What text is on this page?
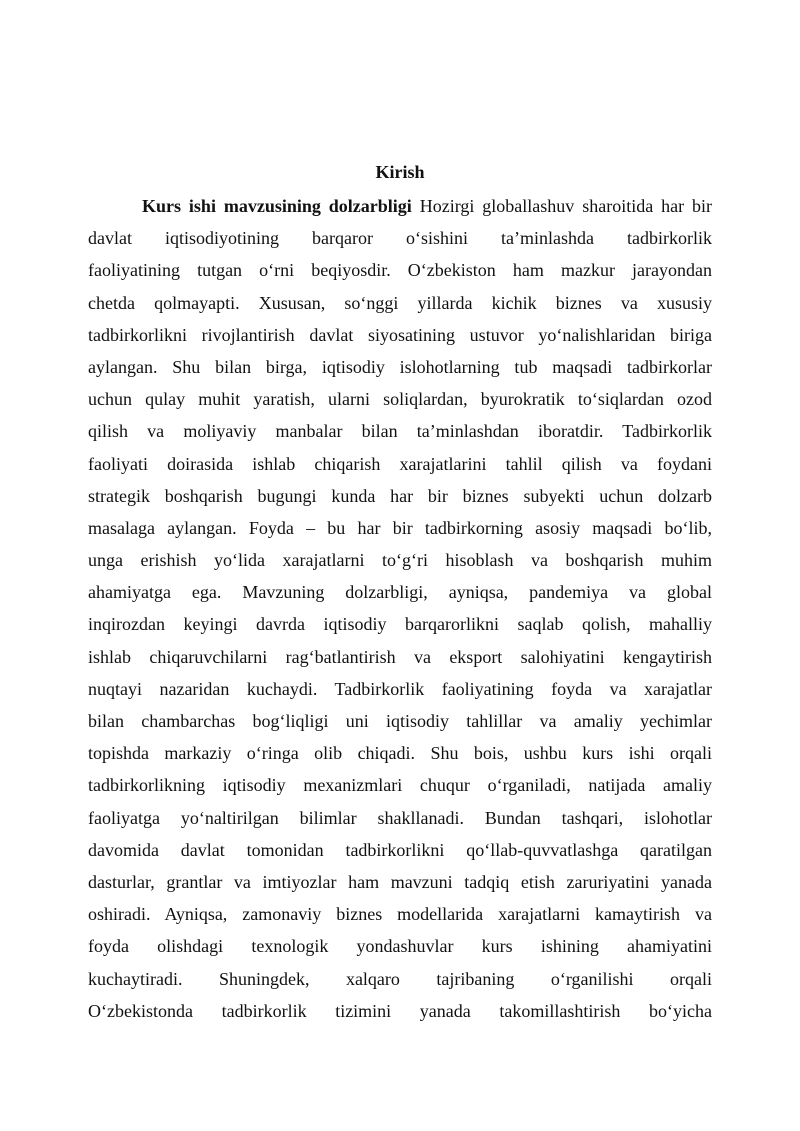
Kirish
Kurs ishi mavzusining dolzarbligi Hozirgi globallashuv sharoitida har bir
davlat iqtisodiyotining barqaror o‘sishini ta’minlashda tadbirkorlik
faoliyatining tutgan o‘rni beqiyosdir. O‘zbekiston ham mazkur jarayondan
chetda qolmayapti. Xususan, so‘nggi yillarda kichik biznes va xususiy
tadbirkorlikni rivojlantirish davlat siyosatining ustuvor yo‘nalishlaridan biriga
aylangan. Shu bilan birga, iqtisodiy islohotlarning tub maqsadi tadbirkorlar
uchun qulay muhit yaratish, ularni soliqlardan, byurokratik to‘siqlardan ozod
qilish va moliyaviy manbalar bilan ta’minlashdan iboratdir. Tadbirkorlik
faoliyati doirasida ishlab chiqarish xarajatlarini tahlil qilish va foydani
strategik boshqarish bugungi kunda har bir biznes subyekti uchun dolzarb
masalaga aylangan. Foyda – bu har bir tadbirkorning asosiy maqsadi bo‘lib,
unga erishish yo‘lida xarajatlarni to‘g‘ri hisoblash va boshqarish muhim
ahamiyatga ega. Mavzuning dolzarbligi, ayniqsa, pandemiya va global
inqirozdan keyingi davrda iqtisodiy barqarorlikni saqlab qolish, mahalliy
ishlab chiqaruvchilarni rag‘batlantirish va eksport salohiyatini kengaytirish
nuqtayi nazaridan kuchaydi. Tadbirkorlik faoliyatining foyda va xarajatlar
bilan chambarchas bog‘liqligi uni iqtisodiy tahlillar va amaliy yechimlar
topishda markaziy o‘ringa olib chiqadi. Shu bois, ushbu kurs ishi orqali
tadbirkorlikning iqtisodiy mexanizmlari chuqur o‘rganiladi, natijada amaliy
faoliyatga yo‘naltirilgan bilimlar shakllanadi. Bundan tashqari, islohotlar
davomida davlat tomonidan tadbirkorlikni qo‘llab-quvvatlashga qaratilgan
dasturlar, grantlar va imtiyozlar ham mavzuni tadqiq etish zaruriyatini yanada
oshiradi. Ayniqsa, zamonaviy biznes modellarida xarajatlarni kamaytirish va
foyda olishdagi texnologik yondashuvlar kurs ishining ahamiyatini
kuchaytiradi. Shuningdek, xalqaro tajribaning o‘rganilishi orqali
O‘zbekistonda tadbirkorlik tizimini yanada takomillashtirish bo‘yicha
